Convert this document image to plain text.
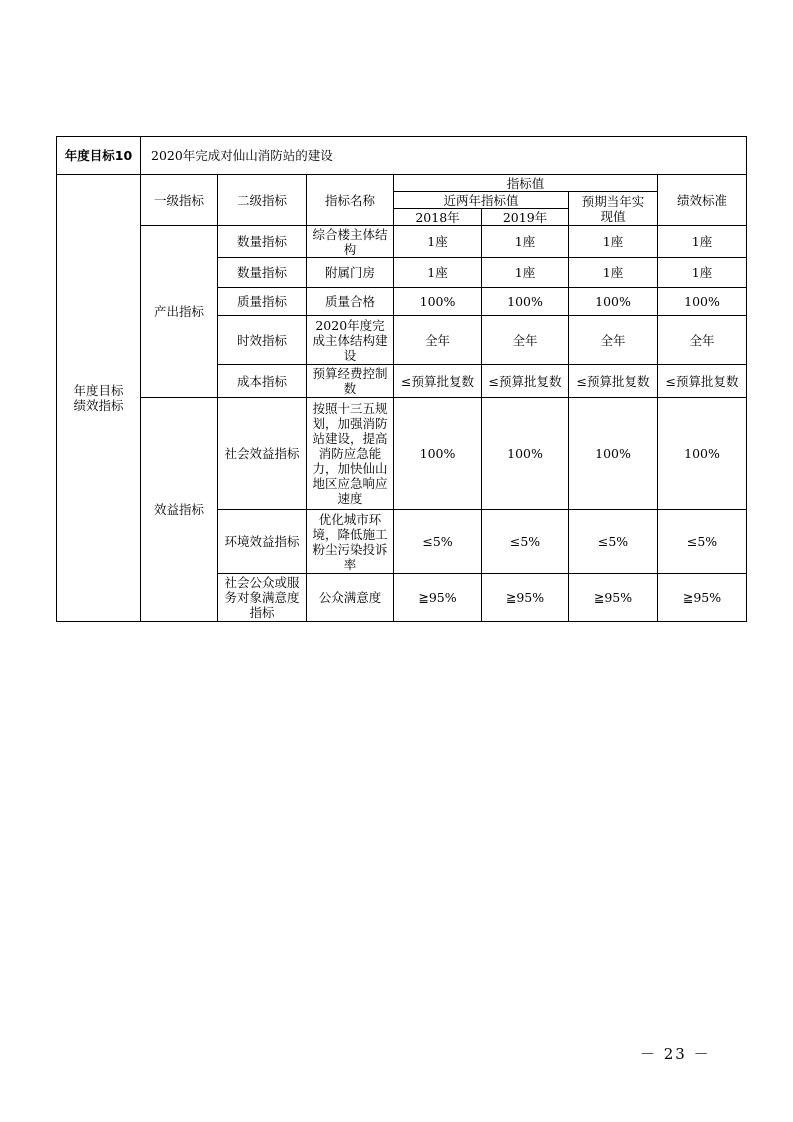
年度目标10	2020年完成对仙山消防站的建设						
年度目标绩效指标	一级指标	二级指标	指标名称	指标值			绩效标准
				近两年指标值		预期当年实现值	
				2018年	2019年		
	产出指标	数量指标	综合楼主体结构	1座	1座	1座	1座
		数量指标	附属门房	1座	1座	1座	1座
		质量指标	质量合格	100%	100%	100%	100%
		时效指标	2020年度完成主体结构建设	全年	全年	全年	全年
		成本指标	预算经费控制数	≤预算批复数	≤预算批复数	≤预算批复数	≤预算批复数
	效益指标	社会效益指标	按照十三五规划，加强消防站建设，提高消防应急能力，加快仙山地区应急响应速度	100%	100%	100%	100%
		环境效益指标	优化城市环境，降低施工粉尘污染投诉率	≤5%	≤5%	≤5%	≤5%
		社会公众或服务对象满意度指标	公众满意度	≧95%	≧95%	≧95%	≧95%
－ 23 －
